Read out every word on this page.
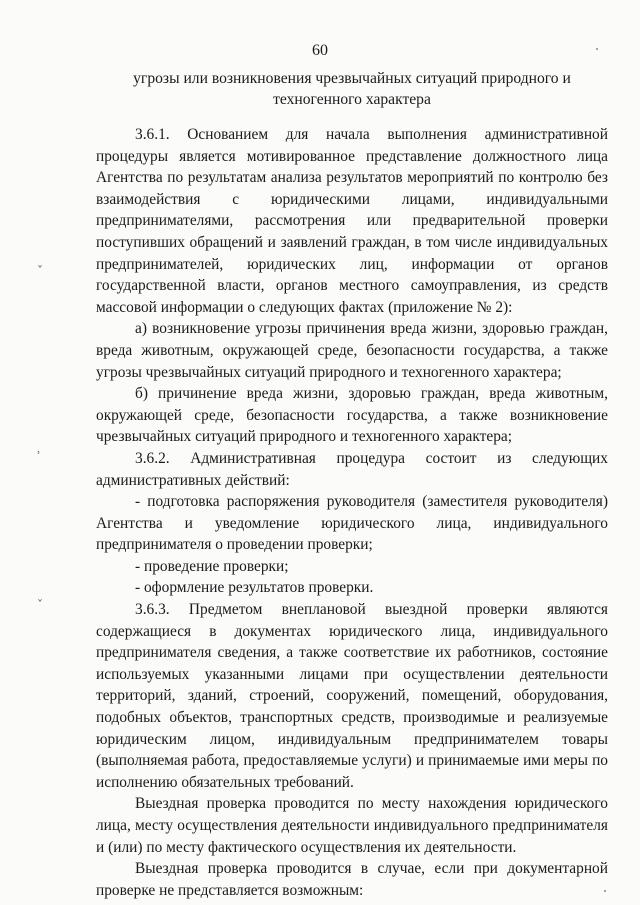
60
угрозы или возникновения чрезвычайных ситуаций природного и техногенного характера

3.6.1. Основанием для начала выполнения административной процедуры является мотивированное представление должностного лица Агентства по результатам анализа результатов мероприятий по контролю без взаимодействия с юридическими лицами, индивидуальными предпринимателями, рассмотрения или предварительной проверки поступивших обращений и заявлений граждан, в том числе индивидуальных предпринимателей, юридических лиц, информации от органов государственной власти, органов местного самоуправления, из средств массовой информации о следующих фактах (приложение № 2):

а) возникновение угрозы причинения вреда жизни, здоровью граждан, вреда животным, окружающей среде, безопасности государства, а также угрозы чрезвычайных ситуаций природного и техногенного характера;

б) причинение вреда жизни, здоровью граждан, вреда животным, окружающей среде, безопасности государства, а также возникновение чрезвычайных ситуаций природного и техногенного характера;

3.6.2. Административная процедура состоит из следующих административных действий:

- подготовка распоряжения руководителя (заместителя руководителя) Агентства и уведомление юридического лица, индивидуального предпринимателя о проведении проверки;

- проведение проверки;

- оформление результатов проверки.

3.6.3. Предметом внеплановой выездной проверки являются содержащиеся в документах юридического лица, индивидуального предпринимателя сведения, а также соответствие их работников, состояние используемых указанными лицами при осуществлении деятельности территорий, зданий, строений, сооружений, помещений, оборудования, подобных объектов, транспортных средств, производимые и реализуемые юридическим лицом, индивидуальным предпринимателем товары (выполняемая работа, предоставляемые услуги) и принимаемые ими меры по исполнению обязательных требований.

Выездная проверка проводится по месту нахождения юридического лица, месту осуществления деятельности индивидуального предпринимателя и (или) по месту фактического осуществления их деятельности.

Выездная проверка проводится в случае, если при документарной проверке не представляется возможным:

ˇ
˒
ˇ
